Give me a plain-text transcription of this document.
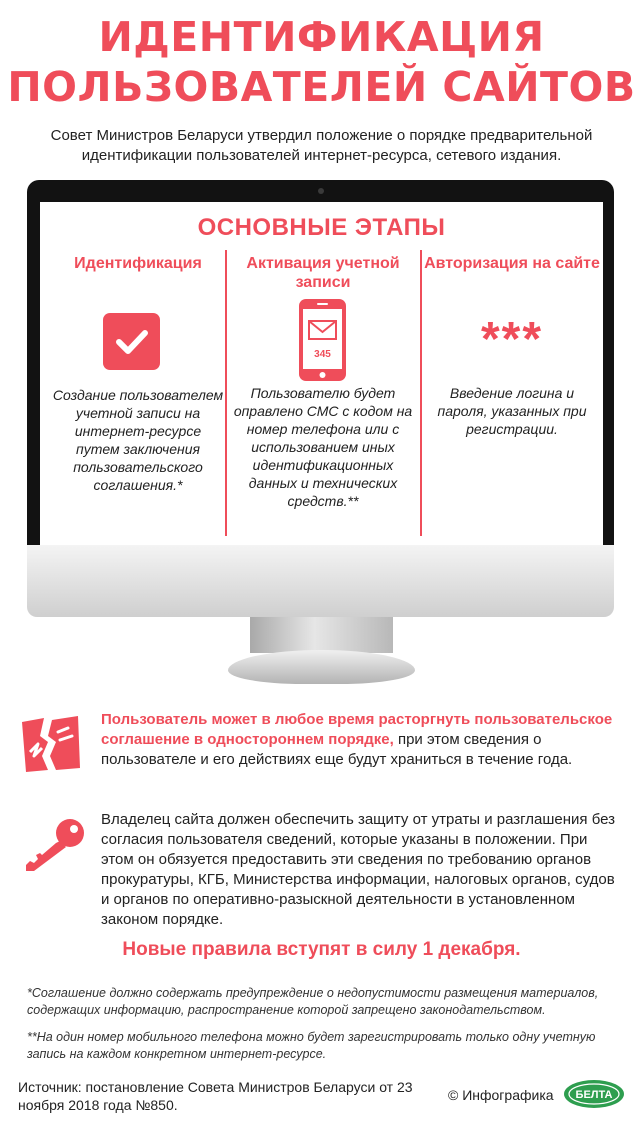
ИДЕНТИФИКАЦИЯ
ПОЛЬЗОВАТЕЛЕЙ САЙТОВ

Совет Министров Беларуси утвердил положение о порядке предварительной идентификации пользователей интернет-ресурса, сетевого издания.

ОСНОВНЫЕ ЭТАПЫ
Идентификация
Создание пользователем учетной записи на интернет-ресурсе путем заключения пользовательского соглашения.*
Активация учетной записи
Пользователю будет оправлено СМС с кодом на номер телефона или с использованием иных идентификационных данных и технических средств.**
Авторизация на сайте
Введение логина и пароля, указанных при регистрации.
345	***

Пользователь может в любое время расторгнуть пользовательское соглашение в одностороннем порядке, при этом сведения о пользователе и его действиях еще будут храниться в течение года.

Владелец сайта должен обеспечить защиту от утраты и разглашения без согласия пользователя сведений, которые указаны в положении. При этом он обязуется предоставить эти сведения по требованию органов прокуратуры, КГБ, Министерства информации, налоговых органов, судов и органов по оперативно-разыскной деятельности в установленном законом порядке.

Новые правила вступят в силу 1 декабря.

*Соглашение должно содержать предупреждение о недопустимости размещения материалов, содержащих информацию, распространение которой запрещено законодательством.

**На один номер мобильного телефона можно будет зарегистрировать только одну учетную запись на каждом конкретном интернет-ресурсе.

Источник: постановление Совета Министров Беларуси от 23 ноября 2018 года №850.

© Инфографика БЕЛТА
